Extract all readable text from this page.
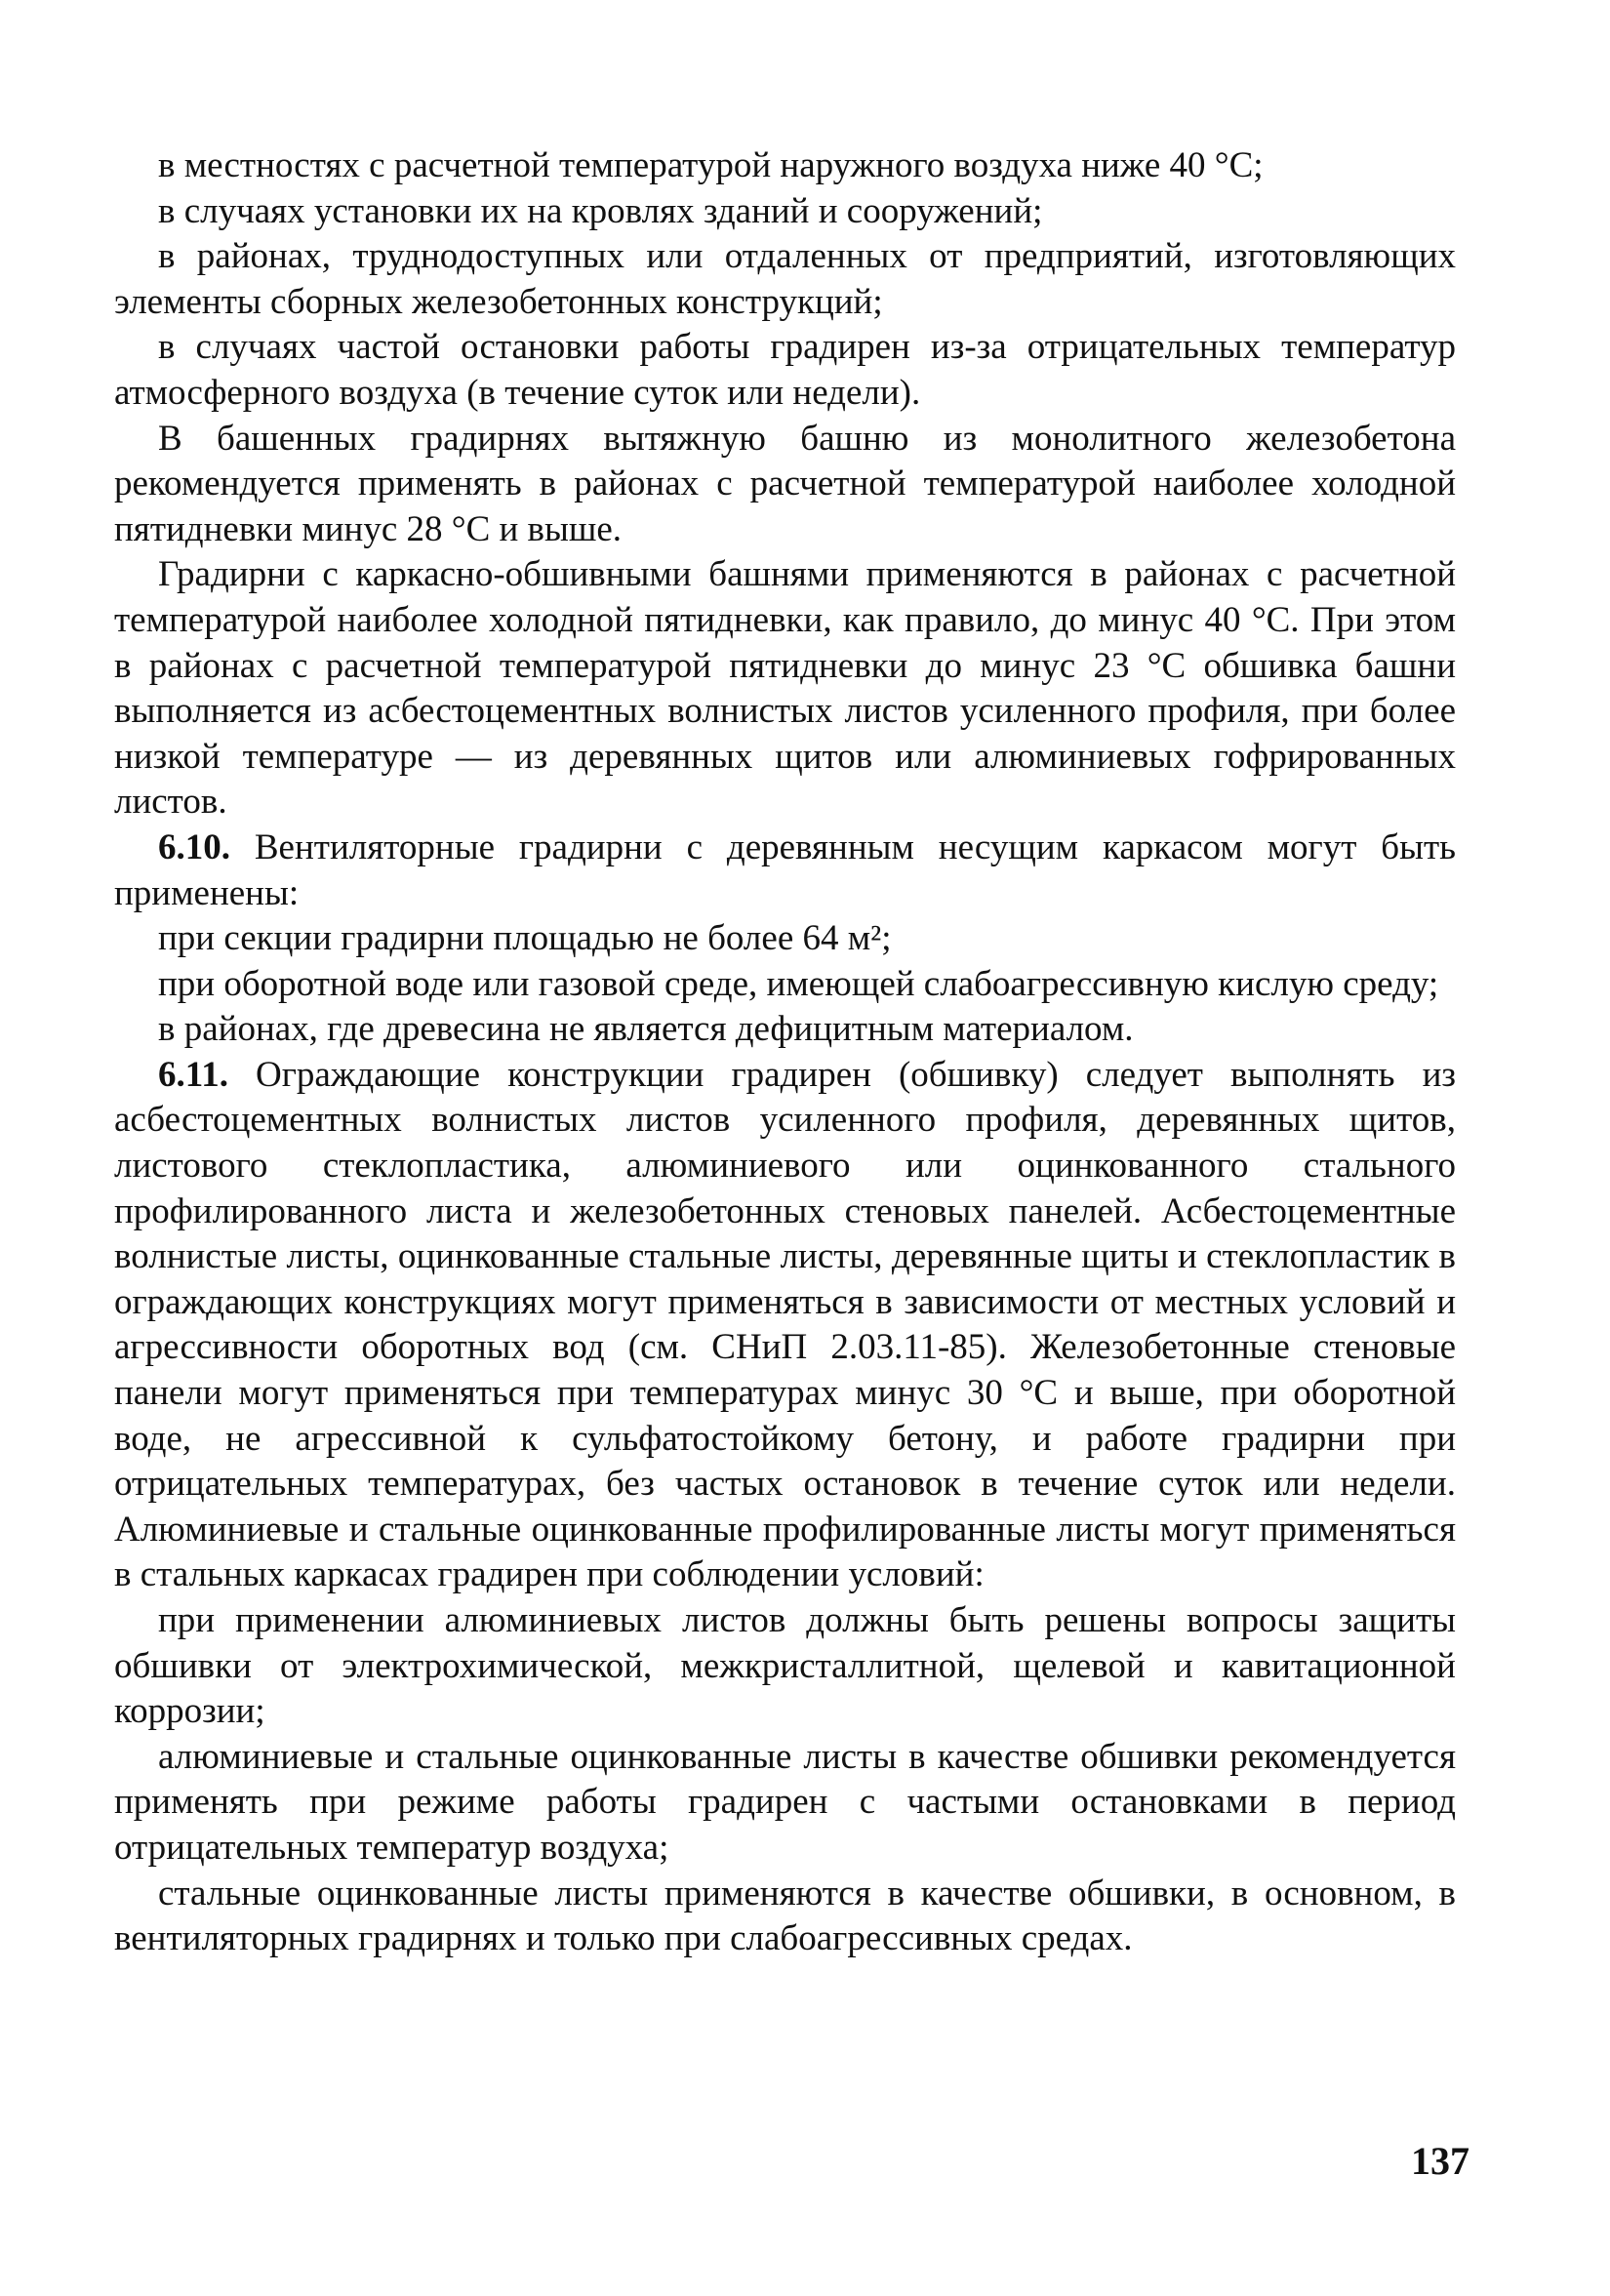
в местностях с расчетной температурой наружного воздуха ниже 40 °С;

в случаях установки их на кровлях зданий и сооружений;

в районах, труднодоступных или отдаленных от предприятий, изготовляющих элементы сборных железобетонных конструкций;

в случаях частой остановки работы градирен из-за отрицательных температур атмосферного воздуха (в течение суток или недели).

В башенных градирнях вытяжную башню из монолитного железобетона рекомендуется применять в районах с расчетной температурой наиболее холодной пятидневки минус 28 °С и выше.

Градирни с каркасно-обшивными башнями применяются в районах с расчетной температурой наиболее холодной пятидневки, как правило, до минус 40 °С. При этом в районах с расчетной температурой пятидневки до минус 23 °С обшивка башни выполняется из асбестоцементных волнистых листов усиленного профиля, при более низкой температуре — из деревянных щитов или алюминиевых гофрированных листов.

6.10. Вентиляторные градирни с деревянным несущим каркасом могут быть применены:

при секции градирни площадью не более 64 м²;

при оборотной воде или газовой среде, имеющей слабоагрессивную кислую среду;

в районах, где древесина не является дефицитным материалом.

6.11. Ограждающие конструкции градирен (обшивку) следует выполнять из асбестоцементных волнистых листов усиленного профиля, деревянных щитов, листового стеклопластика, алюминиевого или оцинкованного стального профилированного листа и железобетонных стеновых панелей. Асбестоцементные волнистые листы, оцинкованные стальные листы, деревянные щиты и стеклопластик в ограждающих конструкциях могут применяться в зависимости от местных условий и агрессивности оборотных вод (см. СНиП 2.03.11-85). Железобетонные стеновые панели могут применяться при температурах минус 30 °С и выше, при оборотной воде, не агрессивной к сульфатостойкому бетону, и работе градирни при отрицательных температурах, без частых остановок в течение суток или недели. Алюминиевые и стальные оцинкованные профилированные листы могут применяться в стальных каркасах градирен при соблюдении условий:

при применении алюминиевых листов должны быть решены вопросы защиты обшивки от электрохимической, межкристаллитной, щелевой и кавитационной коррозии;

алюминиевые и стальные оцинкованные листы в качестве обшивки рекомендуется применять при режиме работы градирен с частыми остановками в период отрицательных температур воздуха;

стальные оцинкованные листы применяются в качестве обшивки, в основном, в вентиляторных градирнях и только при слабоагрессивных средах.

137
